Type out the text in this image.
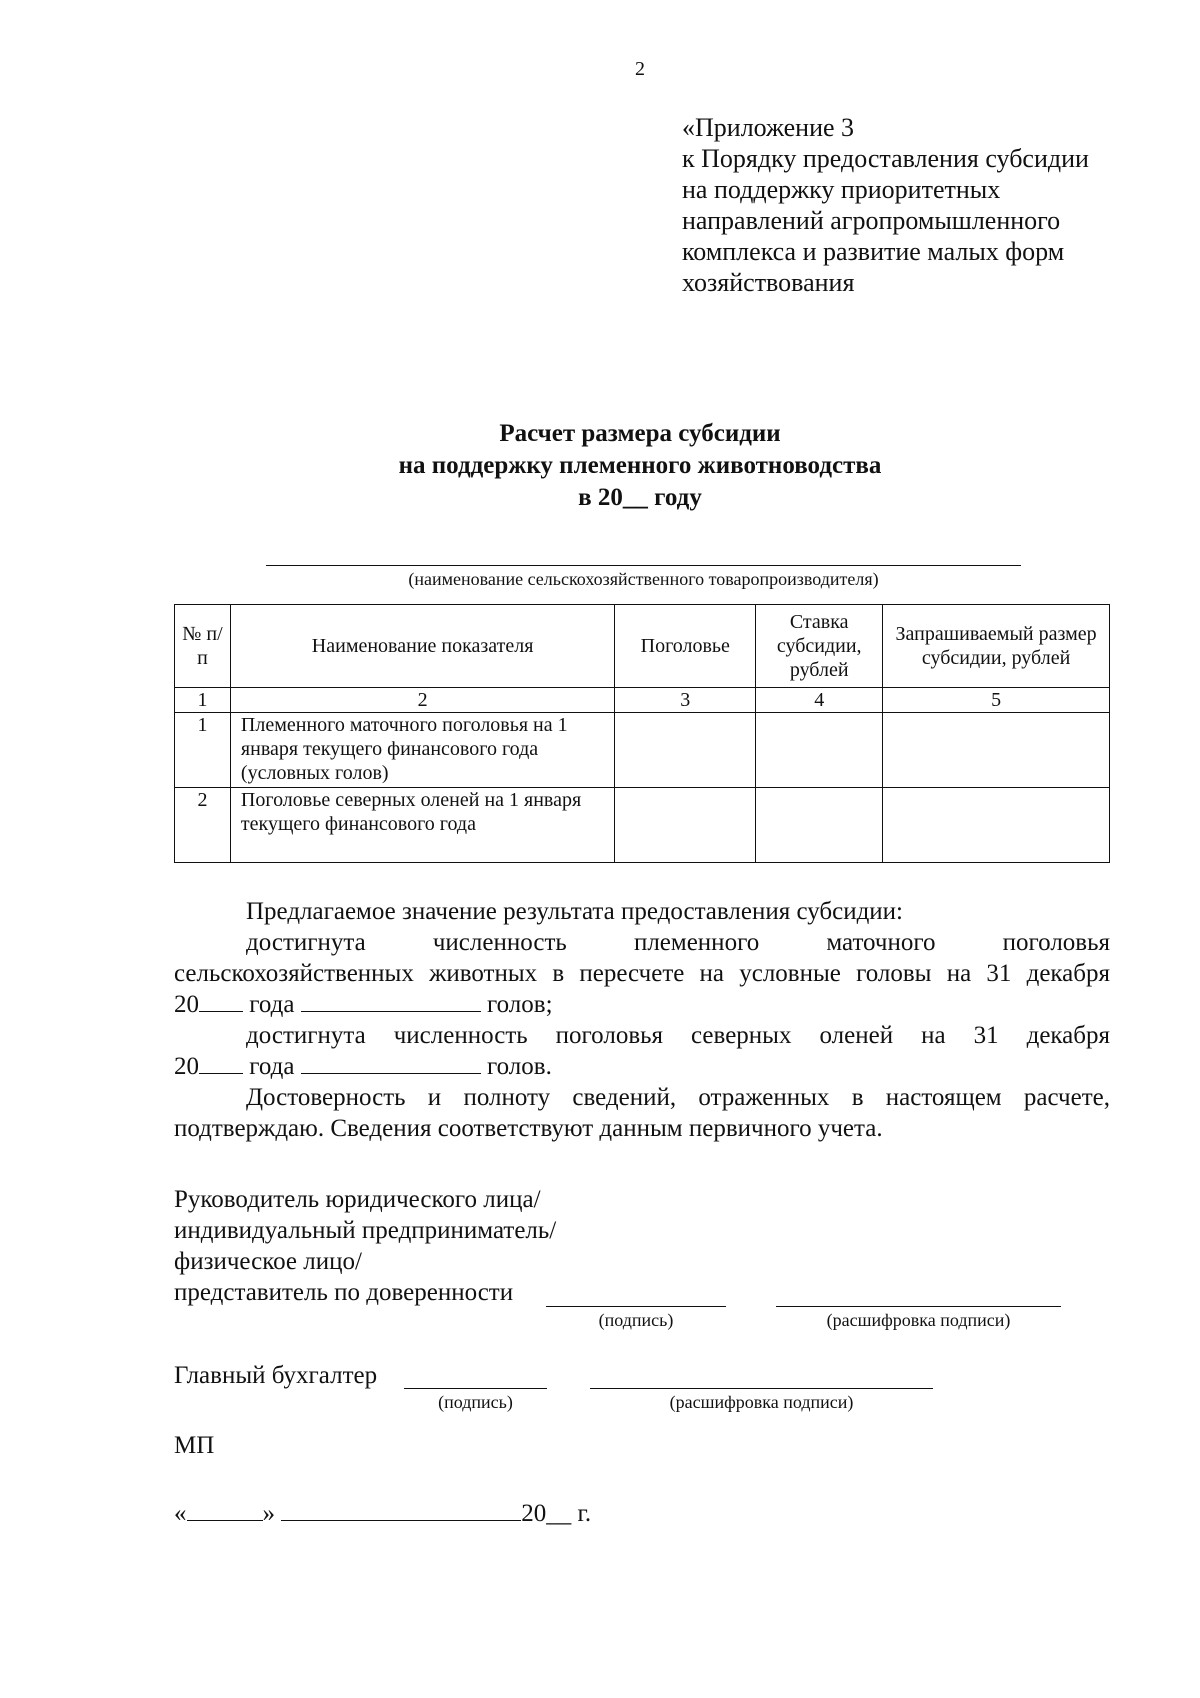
2
«Приложение 3
к Порядку предоставления субсидии
на поддержку приоритетных
направлений агропромышленного
комплекса и развитие малых форм
хозяйствования
Расчет размера субсидии
на поддержку племенного животноводства
в 20__ году
(наименование сельскохозяйственного товаропроизводителя)
№ п/п	Наименование показателя	Поголовье	Ставка субсидии, рублей	Запрашиваемый размер субсидии, рублей
1	2	3	4	5
1	Племенного маточного поголовья на 1 января текущего финансового года (условных голов)			
2	Поголовье северных оленей на 1 января текущего финансового года			

Предлагаемое значение результата предоставления субсидии:

достигнута численность племенного маточного поголовья

сельскохозяйственных животных в пересчете на условные головы на 31 декабря

20 года	голов;

достигнута численность поголовья северных оленей на 31 декабря

20 года	голов.

Достоверность и полноту сведений, отраженных в настоящем расчете, подтверждаю. Сведения соответствуют данным первичного учета.

Руководитель юридического лица/
индивидуальный предприниматель/
физическое лицо/
представитель по доверенности
(подпись)	(расшифровка подписи)
Главный бухгалтер
(подпись)	(расшифровка подписи)
МП
«	»	20__ г.
